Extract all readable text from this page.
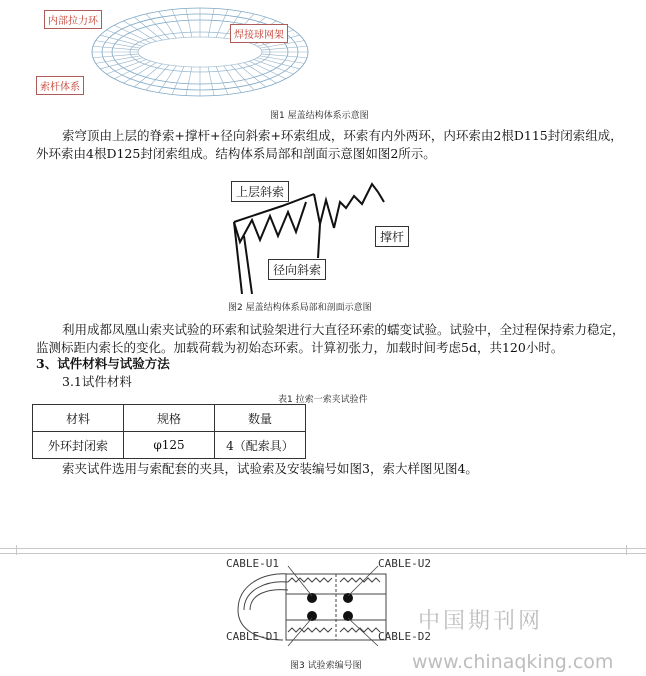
内部拉力环
焊接球网架
索杆体系
图1 屋盖结构体系示意图
索穹顶由上层的脊索+撑杆+径向斜索+环索组成，环索有内外两环，内环索由2根D115封闭索组成，外环索由4根D125封闭索组成。结构体系局部和剖面示意图如图2所示。
上层斜索
撑杆
径向斜索
图2 屋盖结构体系局部和剖面示意图
利用成都凤凰山索夹试验的环索和试验架进行大直径环索的蠕变试验。试验中，全过程保持索力稳定，监测标距内索长的变化。加载荷载为初始态环索。计算初张力，加载时间考虑5d，共120小时。
3、试件材料与试验方法
3.1试件材料
表1 拉索一索夹试验件
材料	规格	数量
外环封闭索	φ125	4（配索具）
索夹试件选用与索配套的夹具，试验索及安装编号如图3，索大样图见图4。
CABLE-U1	CABLE-U2
CABLE-D1	CABLE-D2
图3 试验索编号图
中国期刊网
www.chinaqking.com
